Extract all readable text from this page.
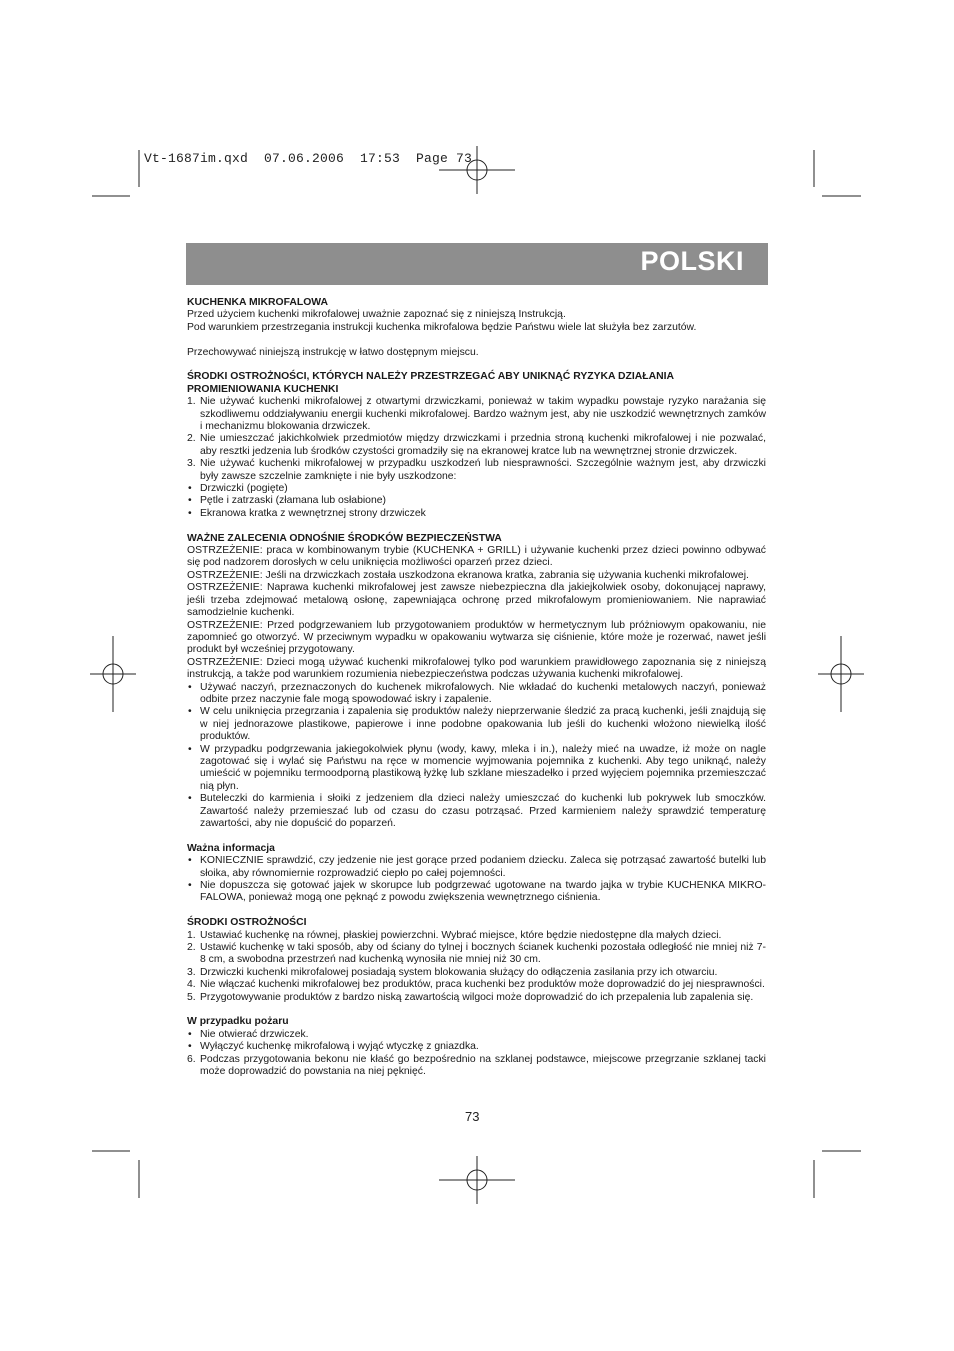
Vt-1687im.qxd  07.06.2006  17:53  Page 73
POLSKI

KUCHENKA MIKROFALOWA

Przed użyciem kuchenki mikrofalowej uważnie zapoznać się z niniejszą Instrukcją.

Pod warunkiem przestrzegania instrukcji kuchenka mikrofalowa będzie Państwu wiele lat służyła bez zarzutów.

Przechowywać niniejszą instrukcję w łatwo dostępnym miejscu.

ŚRODKI OSTROŻNOŚCI, KTÓRYCH NALEŻY PRZESTRZEGAĆ ABY UNIKNĄĆ RYZYKA DZIAŁANIA PROMIENIOWANIA KUCHENKI

1. Nie używać kuchenki mikrofalowej z otwartymi drzwiczkami, ponieważ w takim wypadku powstaje ryzyko narażania się szkodliwemu oddziaływaniu energii kuchenki mikrofalowej. Bardzo ważnym jest, aby nie uszkodzić wewnętrznych zamków i mechanizmu blokowania drzwiczek.
2. Nie umieszczać jakichkolwiek przedmiotów między drzwiczkami i przednia stroną kuchenki mikrofalowej i nie pozwalać, aby resztki jedzenia lub środków czystości gromadziły się na ekranowej kratce lub na wewnętrznej stronie drzwiczek.
3. Nie używać kuchenki mikrofalowej w przypadku uszkodzeń lub niesprawności. Szczególnie ważnym jest, aby drzwiczki były zawsze szczelnie zamknięte i nie były uszkodzone:
• Drzwiczki (pogięte)
• Pętle i zatrzaski (złamana lub osłabione)
• Ekranowa kratka z wewnętrznej strony drzwiczek

WAŻNE ZALECENIA ODNOŚNIE ŚRODKÓW BEZPIECZEŃSTWA

OSTRZEŻENIE: praca w kombinowanym trybie (KUCHENKA + GRILL) i używanie kuchenki przez dzieci powinno odbywać się pod nadzorem dorosłych w celu uniknięcia możliwości oparzeń przez dzieci.

OSTRZEŻENIE: Jeśli na drzwiczkach została uszkodzona ekranowa kratka, zabrania się używania kuchenki mikrofalowej.

OSTRZEŻENIE: Naprawa kuchenki mikrofalowej jest zawsze niebezpieczna dla jakiejkolwiek osoby, dokonującej naprawy, jeśli trzeba zdejmować metalową osłonę, zapewniająca ochronę przed mikrofalowym promieniowaniem. Nie naprawiać samodzielnie kuchenki.

OSTRZEŻENIE: Przed podgrzewaniem lub przygotowaniem produktów w hermetycznym lub próżniowym opakowaniu, nie zapomnieć go otworzyć. W przeciwnym wypadku w opakowaniu wytwarza się ciśnienie, które może je rozerwać, nawet jeśli produkt był wcześniej przygotowany.

OSTRZEŻENIE: Dzieci mogą używać kuchenki mikrofalowej tylko pod warunkiem prawidłowego zapoznania się z niniejszą instrukcją, a także pod warunkiem rozumienia niebezpieczeństwa podczas używania kuchenki mikrofalowej.

• Używać naczyń, przeznaczonych do kuchenek mikrofalowych. Nie wkładać do kuchenki metalowych naczyń, ponieważ odbite przez naczynie fale mogą spowodować iskry i zapalenie.
• W celu uniknięcia przegrzania i zapalenia się produktów należy nieprzerwanie śledzić za pracą kuchenki, jeśli znajdują się w niej jednorazowe plastikowe, papierowe i inne podobne opakowania lub jeśli do kuchenki włożono niewielką ilość produktów.
• W przypadku podgrzewania jakiegokolwiek płynu (wody, kawy, mleka i in.), należy mieć na uwadze, iż może on nagle zagotować się i wylać się Państwu na ręce w momencie wyjmowania pojemnika z kuchenki. Aby tego uniknąć, należy umieścić w pojemniku termoodporną plastikową łyżkę lub szklane mieszadełko i przed wyjęciem pojemnika przemieszczać nią płyn.
• Buteleczki do karmienia i słoiki z jedzeniem dla dzieci należy umieszczać do kuchenki lub pokrywek lub smoczków. Zawartość należy przemieszać lub od czasu do czasu potrząsać. Przed karmieniem należy sprawdzić temperaturę zawartości, aby nie dopuścić do poparzeń.

Ważna informacja

• KONIECZNIE sprawdzić, czy jedzenie nie jest gorące przed podaniem dziecku. Zaleca się potrząsać zawartość butelki lub słoika, aby równomiernie rozprowadzić ciepło po całej pojemności.
• Nie dopuszcza się gotować jajek w skorupce lub podgrzewać ugotowane na twardo jajka w trybie KUCHENKA MIKRO-FALOWA, ponieważ mogą one pęknąć z powodu zwiększenia wewnętrznego ciśnienia.

ŚRODKI OSTROŻNOŚCI

1. Ustawiać kuchenkę na równej, płaskiej powierzchni. Wybrać miejsce, które będzie niedostępne dla małych dzieci.
2. Ustawić kuchenkę w taki sposób, aby od ściany do tylnej i bocznych ścianek kuchenki pozostała odległość nie mniej niż 7-8 cm, a swobodna przestrzeń nad kuchenką wynosiła nie mniej niż 30 cm.
3. Drzwiczki kuchenki mikrofalowej posiadają system blokowania służący do odłączenia zasilania przy ich otwarciu.
4. Nie włączać kuchenki mikrofalowej bez produktów, praca kuchenki bez produktów może doprowadzić do jej niesprawności.
5. Przygotowywanie produktów z bardzo niską zawartością wilgoci może doprowadzić do ich przepalenia lub zapalenia się.

W przypadku pożaru

• Nie otwierać drzwiczek.
• Wyłączyć kuchenkę mikrofalową i wyjąć wtyczkę z gniazdka.
6. Podczas przygotowania bekonu nie kłaść go bezpośrednio na szklanej podstawce, miejscowe przegrzanie szklanej tacki może doprowadzić do powstania na niej pęknięć.
73
